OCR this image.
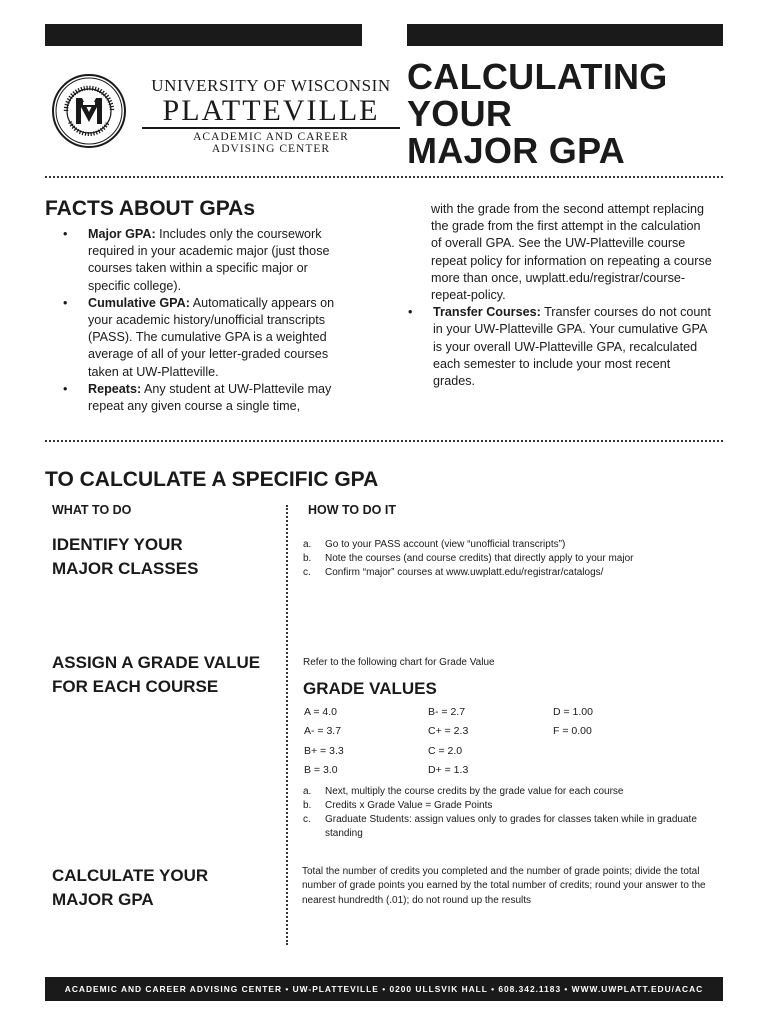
UNIVERSITY OF WISCONSIN
PLATTEVILLE
ACADEMIC AND CAREER
ADVISING CENTER
CALCULATING
YOUR
MAJOR GPA
FACTS ABOUT GPAs
• Major GPA: Includes only the coursework required in your academic major (just those courses taken within a specific major or specific college).
• Cumulative GPA: Automatically appears on your academic history/unofficial transcripts (PASS). The cumulative GPA is a weighted average of all of your letter-graded courses taken at UW-Platteville.
• Repeats: Any student at UW-Plattevile may repeat any given course a single time,
with the grade from the second attempt replacing the grade from the first attempt in the calculation of overall GPA. See the UW-Platteville course repeat policy for information on repeating a course more than once, uwplatt.edu/registrar/course-repeat-policy.
• Transfer Courses: Transfer courses do not count in your UW-Platteville GPA. Your cumulative GPA is your overall UW-Platteville GPA, recalculated each semester to include your most recent grades.
TO CALCULATE A SPECIFIC GPA
WHAT TO DO	HOW TO DO IT
IDENTIFY YOUR
MAJOR CLASSES
a. Go to your PASS account (view “unofficial transcripts”)
b. Note the courses (and course credits) that directly apply to your major
c. Confirm “major” courses at www.uwplatt.edu/registrar/catalogs/
ASSIGN A GRADE VALUE
FOR EACH COURSE
Refer to the following chart for Grade Value
GRADE VALUES
A = 4.0	B- = 2.7	D = 1.00
A- = 3.7	C+ = 2.3	F = 0.00
B+ = 3.3	C = 2.0
B = 3.0	D+ = 1.3
a. Next, multiply the course credits by the grade value for each course
b. Credits x Grade Value = Grade Points
c. Graduate Students: assign values only to grades for classes taken while in graduate standing
CALCULATE YOUR
MAJOR GPA
Total the number of credits you completed and the number of grade points; divide the total number of grade points you earned by the total number of credits; round your answer to the nearest hundredth (.01); do not round up the results
ACADEMIC AND CAREER ADVISING CENTER • UW-PLATTEVILLE • 0200 ULLSVIK HALL • 608.342.1183 • WWW.UWPLATT.EDU/ACAC
